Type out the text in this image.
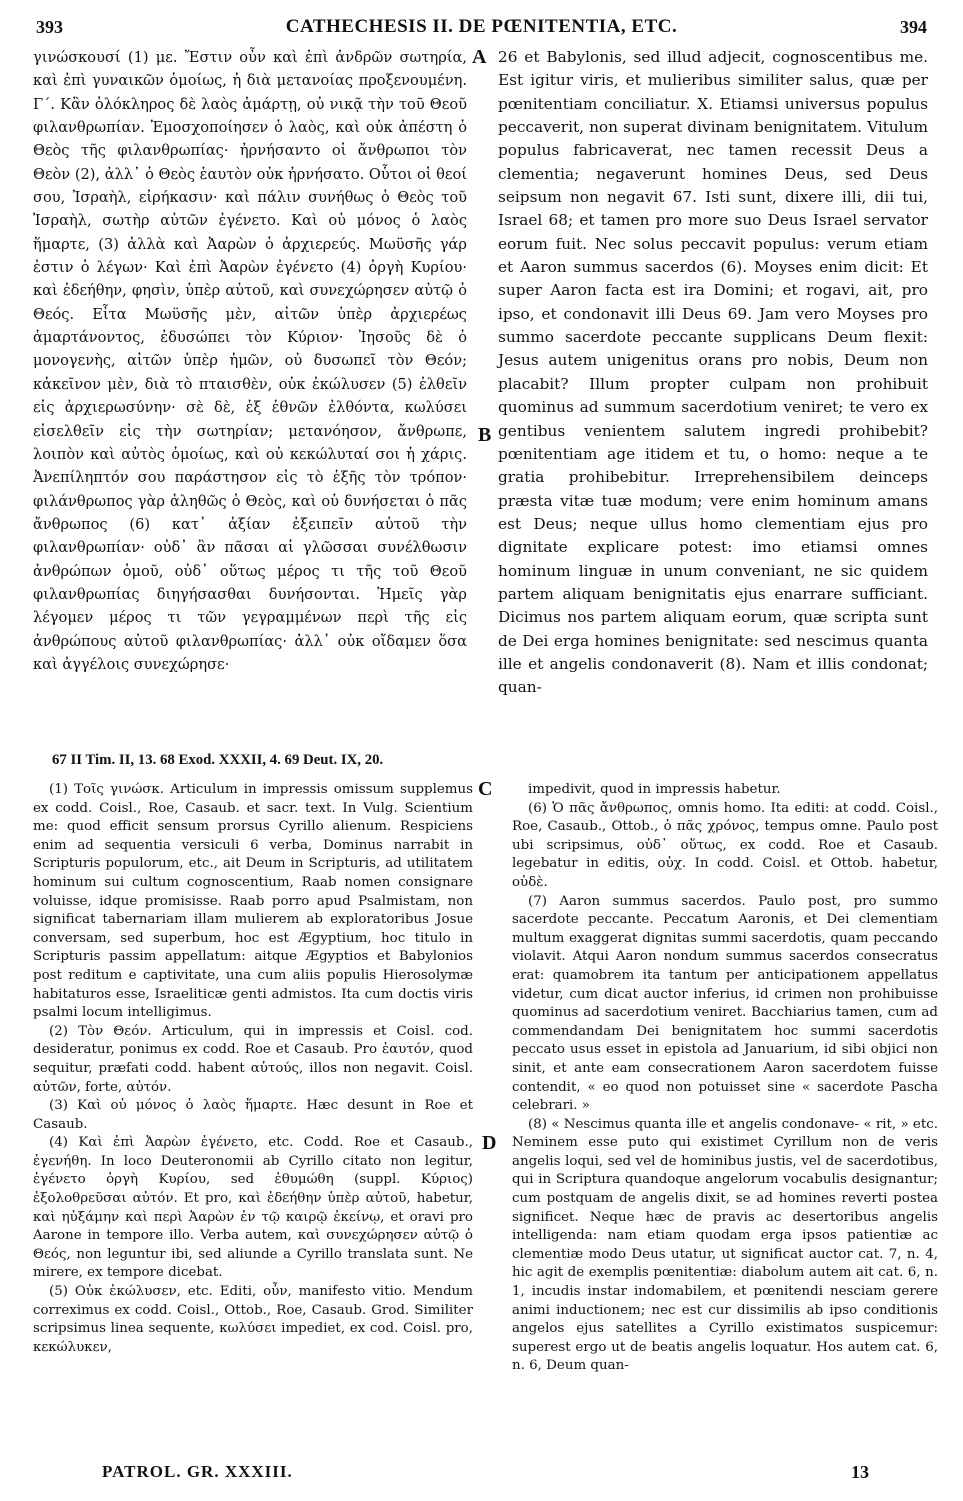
393	CATHECHESIS II. DE PŒNITENTIA, ETC.	394
γινώσκουσί (1) με. Ἔστιν οὖν καὶ ἐπὶ ἀνδρῶν σωτηρία, καὶ ἐπὶ γυναικῶν ὁμοίως, ἡ διὰ μετανοίας προξενουμένη. Γ´. Κἂν ὁλόκληρος δὲ λαὸς ἁμάρτῃ, οὐ νικᾷ τὴν τοῦ Θεοῦ φιλανθρωπίαν. Ἐμοσχοποίησεν ὁ λαὸς, καὶ οὐκ ἀπέστη ὁ Θεὸς τῆς φιλανθρωπίας· ἠρνήσαντο οἱ ἄνθρωποι τὸν Θεὸν (2), ἀλλ᾽ ὁ Θεὸς ἑαυτὸν οὐκ ἠρνήσατο. Οὗτοι οἱ θεοί σου, Ἰσραὴλ, εἰρήκασιν· καὶ πάλιν συνήθως ὁ Θεὸς τοῦ Ἰσραὴλ, σωτὴρ αὐτῶν ἐγένετο. Καὶ οὐ μόνος ὁ λαὸς ἥμαρτε, (3) ἀλλὰ καὶ Ἀαρὼν ὁ ἀρχιερεύς. Μωϋσῆς γάρ ἐστιν ὁ λέγων· Καὶ ἐπὶ Ἀαρὼν ἐγένετο (4) ὀργὴ Κυρίου· καὶ ἐδεήθην, φησὶν, ὑπὲρ αὐτοῦ, καὶ συνεχώρησεν αὐτῷ ὁ Θεός. Εἶτα Μωϋσῆς μὲν, αἰτῶν ὑπὲρ ἀρχιερέως ἁμαρτάνοντος, ἐδυσώπει τὸν Κύριον· Ἰησοῦς δὲ ὁ μονογενὴς, αἰτῶν ὑπὲρ ἡμῶν, οὐ δυσωπεῖ τὸν Θεόν; κἀκεῖνον μὲν, διὰ τὸ πταισθὲν, οὐκ ἐκώλυσεν (5) ἐλθεῖν εἰς ἀρχιερωσύνην· σὲ δὲ, ἐξ ἐθνῶν ἐλθόντα, κωλύσει εἰσελθεῖν εἰς τὴν σωτηρίαν; μετανόησον, ἄνθρωπε, λοιπὸν καὶ αὐτὸς ὁμοίως, καὶ οὐ κεκώλυταί σοι ἡ χάρις. Ἀνεπίληπτόν σου παράστησον εἰς τὸ ἑξῆς τὸν τρόπον· φιλάνθρωπος γὰρ ἀληθῶς ὁ Θεὸς, καὶ οὐ δυνήσεται ὁ πᾶς ἄνθρωπος (6) κατ᾽ ἀξίαν ἐξειπεῖν αὐτοῦ τὴν φιλανθρωπίαν· οὐδ᾽ ἂν πᾶσαι αἱ γλῶσσαι συνέλθωσιν ἀνθρώπων ὁμοῦ, οὐδ᾽ οὕτως μέρος τι τῆς τοῦ Θεοῦ φιλανθρωπίας διηγήσασθαι δυνήσονται. Ἡμεῖς γὰρ λέγομεν μέρος τι τῶν γεγραμμένων περὶ τῆς εἰς ἀνθρώπους αὐτοῦ φιλανθρωπίας· ἀλλ᾽ οὐκ οἴδαμεν ὅσα καὶ ἀγγέλοις συνεχώρησε·
26 et Babylonis, sed illud adjecit, cognoscentibus me. Est igitur viris, et mulieribus similiter salus, quæ per pœnitentiam conciliatur. X. Etiamsi universus populus peccaverit, non superat divinam benignitatem. Vitulum populus fabricaverat, nec tamen recessit Deus a clementia; negaverunt homines Deus, sed Deus seipsum non negavit 67. Isti sunt, dixere illi, dii tui, Israel 68; et tamen pro more suo Deus Israel servator eorum fuit. Nec solus peccavit populus: verum etiam et Aaron summus sacerdos (6). Moyses enim dicit: Et super Aaron facta est ira Domini; et rogavi, ait, pro ipso, et condonavit illi Deus 69. Jam vero Moyses pro summo sacerdote peccante supplicans Deum flexit: Jesus autem unigenitus orans pro nobis, Deum non placabit? Illum propter culpam non prohibuit quominus ad summum sacerdotium veniret; te vero ex gentibus venientem salutem ingredi prohibebit? pœnitentiam age itidem et tu, o homo: neque a te gratia prohibebitur. Irreprehensibilem deinceps præsta vitæ tuæ modum; vere enim hominum amans est Deus; neque ullus homo clementiam ejus pro dignitate explicare potest: imo etiamsi omnes hominum linguæ in unum conveniant, ne sic quidem partem aliquam benignitatis ejus enarrare sufficiant. Dicimus nos partem aliquam eorum, quæ scripta sunt de Dei erga homines benignitate: sed nescimus quanta ille et angelis condonaverit (8). Nam et illis condonat; quan-
A
B
C
D
67 II Tim. II, 13. 68 Exod. XXXII, 4. 69 Deut. IX, 20.

(1) Τοῖς γινώσκ. Articulum in impressis omissum supplemus ex codd. Coisl., Roe, Casaub. et sacr. text. In Vulg. Scientium me: quod efficit sensum prorsus Cyrillo alienum. Respiciens enim ad sequentia versiculi 6 verba, Dominus narrabit in Scripturis populorum, etc., ait Deum in Scripturis, ad utilitatem hominum sui cultum cognoscentium, Raab nomen consignare voluisse, idque promisisse. Raab porro apud Psalmistam, non significat tabernariam illam mulierem ab exploratoribus Josue conversam, sed superbum, hoc est Ægyptium, hoc titulo in Scripturis passim appellatum: aitque Ægyptios et Babylonios post reditum e captivitate, una cum aliis populis Hierosolymæ habitaturos esse, Israeliticæ genti admistos. Ita cum doctis viris psalmi locum intelligimus.

(2) Τὸν Θεόν. Articulum, qui in impressis et Coisl. cod. desideratur, ponimus ex codd. Roe et Casaub. Pro ἑαυτόν, quod sequitur, præfati codd. habent αὐτούς, illos non negavit. Coisl. αὐτῶν, forte, αὐτόν.

(3) Καὶ οὐ μόνος ὁ λαὸς ἥμαρτε. Hæc desunt in Roe et Casaub.

(4) Καὶ ἐπὶ Ἀαρὼν ἐγένετο, etc. Codd. Roe et Casaub., ἐγενήθη. In loco Deuteronomii ab Cyrillo citato non legitur, ἐγένετο ὀργὴ Κυρίου, sed ἐθυμώθη (suppl. Κύριος) ἐξολοθρεῦσαι αὐτόν. Et pro, καὶ ἐδεήθην ὑπὲρ αὐτοῦ, habetur, καὶ ηὐξάμην καὶ περὶ Ἀαρὼν ἐν τῷ καιρῷ ἐκείνῳ, et oravi pro Aarone in tempore illo. Verba autem, καὶ συνεχώρησεν αὐτῷ ὁ Θεός, non leguntur ibi, sed aliunde a Cyrillo translata sunt. Ne mirere, ex tempore dicebat.

(5) Οὐκ ἐκώλυσεν, etc. Editi, οὖν, manifesto vitio. Mendum correximus ex codd. Coisl., Ottob., Roe, Casaub. Grod. Similiter scripsimus linea sequente, κωλύσει impediet, ex cod. Coisl. pro, κεκώλυκεν,

impedivit, quod in impressis habetur.

(6) Ὁ πᾶς ἄνθρωπος, omnis homo. Ita editi: at codd. Coisl., Roe, Casaub., Ottob., ὁ πᾶς χρόνος, tempus omne. Paulo post ubi scripsimus, οὐδ᾽ οὕτως, ex codd. Roe et Casaub. legebatur in editis, οὐχ. In codd. Coisl. et Ottob. habetur, οὐδὲ.

(7) Aaron summus sacerdos. Paulo post, pro summo sacerdote peccante. Peccatum Aaronis, et Dei clementiam multum exaggerat dignitas summi sacerdotis, quam peccando violavit. Atqui Aaron nondum summus sacerdos consecratus erat: quamobrem ita tantum per anticipationem appellatus videtur, cum dicat auctor inferius, id crimen non prohibuisse quominus ad sacerdotium veniret. Bacchiarius tamen, cum ad commendandam Dei benignitatem hoc summi sacerdotis peccato usus esset in epistola ad Januarium, id sibi objici non sinit, et ante eam consecrationem Aaron sacerdotem fuisse contendit, « eo quod non potuisset sine « sacerdote Pascha celebrari. »

(8) « Nescimus quanta ille et angelis condonave- « rit, » etc. Neminem esse puto qui existimet Cyrillum non de veris angelis loqui, sed vel de hominibus justis, vel de sacerdotibus, qui in Scriptura quandoque angelorum vocabulis designantur; cum postquam de angelis dixit, se ad homines reverti postea significet. Neque hæc de pravis ac desertoribus angelis intelligenda: nam etiam quodam erga ipsos patientiæ ac clementiæ modo Deus utatur, ut significat auctor cat. 7, n. 4, hic agit de exemplis pœnitentiæ: diabolum autem ait cat. 6, n. 1, incudis instar indomabilem, et pœnitendi nesciam gerere animi inductionem; nec est cur dissimilis ab ipso conditionis angelos ejus satellites a Cyrillo existimatos suspicemur: superest ergo ut de beatis angelis loquatur. Hos autem cat. 6, n. 6, Deum quan-

PATROL. GR. XXXIII.	13
